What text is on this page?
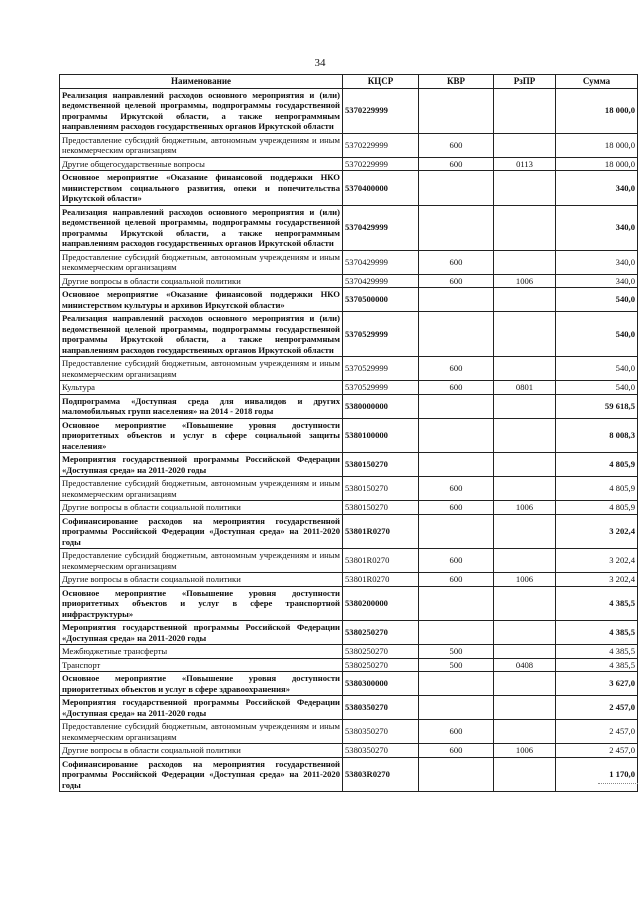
34
Наименование	КЦСР	КВР	РзПР	Сумма
Реализация направлений расходов основного мероприятия и (или) ведомственной целевой программы, подпрограммы государственной программы Иркутской области, а также непрограммным направлениям расходов государственных органов Иркутской области	5370229999			18 000,0
Предоставление субсидий бюджетным, автономным учреждениям и иным некоммерческим организациям	5370229999	600		18 000,0
Другие общегосударственные вопросы	5370229999	600	0113	18 000,0
Основное мероприятие «Оказание финансовой поддержки НКО министерством социального развития, опеки и попечительства Иркутской области»	5370400000			340,0
Реализация направлений расходов основного мероприятия и (или) ведомственной целевой программы, подпрограммы государственной программы Иркутской области, а также непрограммным направлениям расходов государственных органов Иркутской области	5370429999			340,0
Предоставление субсидий бюджетным, автономным учреждениям и иным некоммерческим организациям	5370429999	600		340,0
Другие вопросы в области социальной политики	5370429999	600	1006	340,0
Основное мероприятие «Оказание финансовой поддержки НКО министерством культуры и архивов Иркутской области»	5370500000			540,0
Реализация направлений расходов основного мероприятия и (или) ведомственной целевой программы, подпрограммы государственной программы Иркутской области, а также непрограммным направлениям расходов государственных органов Иркутской области	5370529999			540,0
Предоставление субсидий бюджетным, автономным учреждениям и иным некоммерческим организациям	5370529999	600		540,0
Культура	5370529999	600	0801	540,0
Подпрограмма «Доступная среда для инвалидов и других маломобильных групп населения» на 2014 - 2018 годы	5380000000			59 618,5
Основное мероприятие «Повышение уровня доступности приоритетных объектов и услуг в сфере социальной защиты населения»	5380100000			8 008,3
Мероприятия государственной программы Российской Федерации «Доступная среда» на 2011-2020 годы	5380150270			4 805,9
Предоставление субсидий бюджетным, автономным учреждениям и иным некоммерческим организациям	5380150270	600		4 805,9
Другие вопросы в области социальной политики	5380150270	600	1006	4 805,9
Софинансирование расходов на мероприятия государственной программы Российской Федерации «Доступная среда» на 2011-2020 годы	53801R0270			3 202,4
Предоставление субсидий бюджетным, автономным учреждениям и иным некоммерческим организациям	53801R0270	600		3 202,4
Другие вопросы в области социальной политики	53801R0270	600	1006	3 202,4
Основное мероприятие «Повышение уровня доступности приоритетных объектов и услуг в сфере транспортной инфраструктуры»	5380200000			4 385,5
Мероприятия государственной программы Российской Федерации «Доступная среда» на 2011-2020 годы	5380250270			4 385,5
Межбюджетные трансферты	5380250270	500		4 385,5
Транспорт	5380250270	500	0408	4 385,5
Основное мероприятие «Повышение уровня доступности приоритетных объектов и услуг в сфере здравоохранения»	5380300000			3 627,0
Мероприятия государственной программы Российской Федерации «Доступная среда» на 2011-2020 годы	5380350270			2 457,0
Предоставление субсидий бюджетным, автономным учреждениям и иным некоммерческим организациям	5380350270	600		2 457,0
Другие вопросы в области социальной политики	5380350270	600	1006	2 457,0
Софинансирование расходов на мероприятия государственной программы Российской Федерации «Доступная среда» на 2011-2020 годы	53803R0270			1 170,0
